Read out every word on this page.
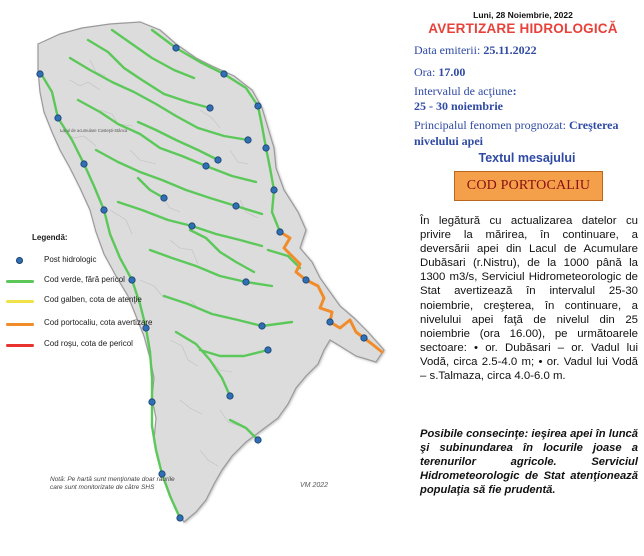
Lacul de acumulare Costeşti-Stânca
Legendă:
Post hidrologic
Cod verde, fără pericol
Cod galben, cota de atenţie
Cod portocaliu, cota avertizare
Cod roşu, cota de pericol
Notă: Pe hartă sunt menţionate doar râurile care sunt monitorizate de către SHS	VM 2022
Luni, 28 Noiembrie, 2022
AVERTIZARE HIDROLOGICĂ
Data emiterii: 25.11.2022
Ora: 17.00
Intervalul de acţiune:
25 - 30 noiembrie
Principalul fenomen prognozat: Creşterea
nivelului apei
Textul mesajului
COD PORTOCALIU
În legătură cu actualizarea datelor cu privire la mărirea, în continuare, a deversării apei din Lacul de Acumulare Dubăsari (r.Nistru), de la 1000 până la 1300 m3/s, Serviciul Hidrometeorologic de Stat avertizează în intervalul 25-30 noiembrie, creşterea, în continuare, a nivelului apei faţă de nivelul din 25 noiembrie (ora 16.00), pe următoarele sectoare: • or. Dubăsari – or. Vadul lui Vodă, circa 2.5-4.0 m; • or. Vadul lui Vodă – s.Talmaza, circa 4.0-6.0 m.
Posibile consecinţe: ieşirea apei în luncă şi subinundarea în locurile joase a terenurilor agricole. Serviciul Hidrometeorologic de Stat atenţionează populaţia să fie prudentă.
